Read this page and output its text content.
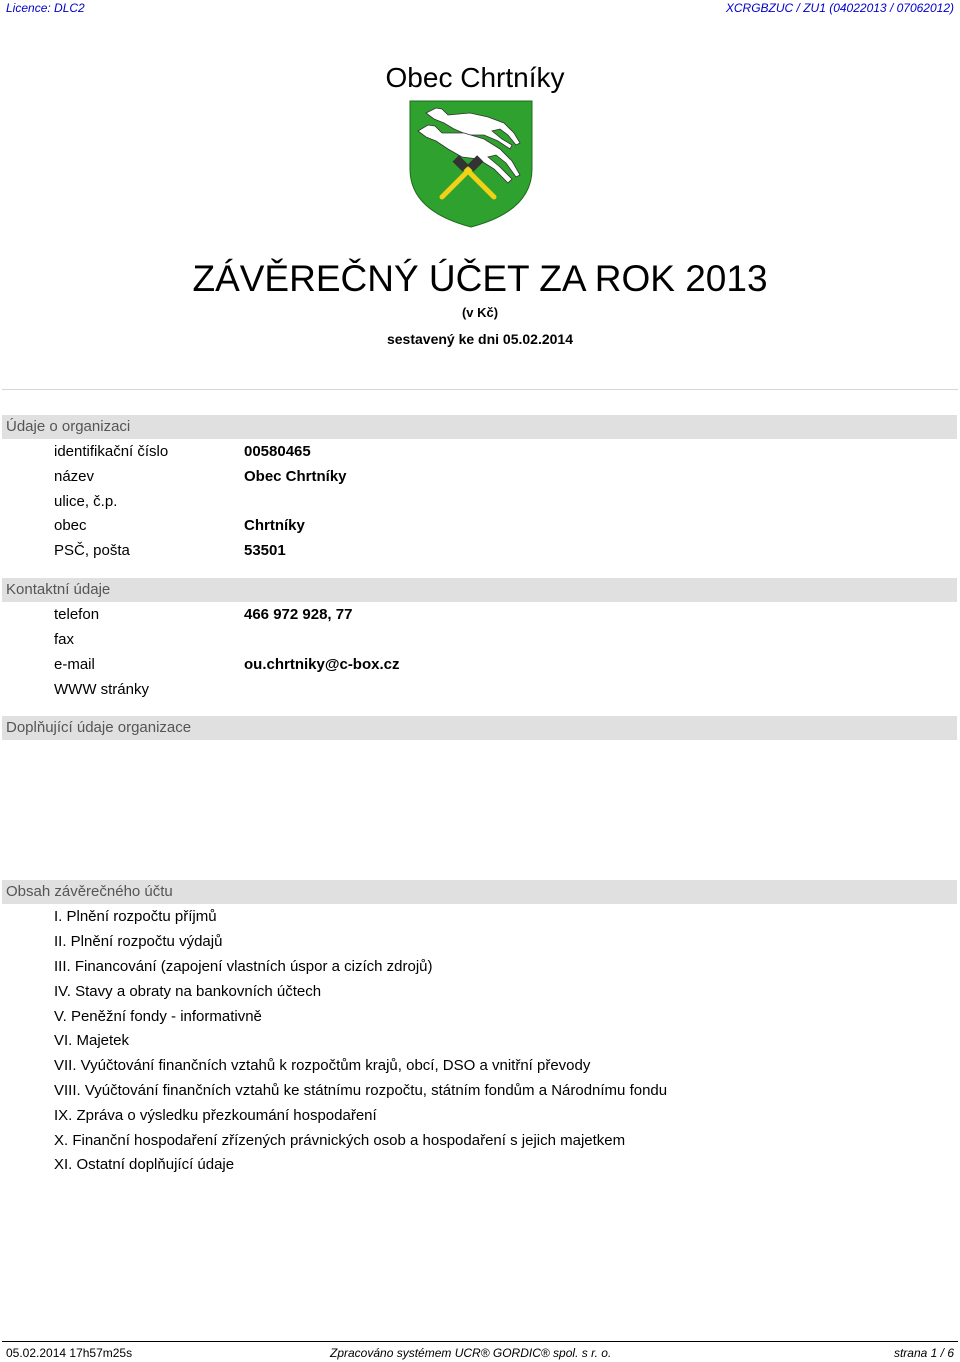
Licence: DLC2	XCRGBZUC / ZU1 (04022013 / 07062012)
Obec Chrtníky
ZÁVĚREČNÝ ÚČET ZA ROK 2013
(v Kč)
sestavený ke dni 05.02.2014
Údaje o organizaci
identifikační číslo	00580465
název	Obec Chrtníky
ulice, č.p.
obec	Chrtníky
PSČ, pošta	53501
Kontaktní údaje
telefon	466 972 928, 77
fax
e-mail	ou.chrtniky@c-box.cz
WWW stránky
Doplňující údaje organizace
Obsah závěrečného účtu
I. Plnění rozpočtu příjmů
II. Plnění rozpočtu výdajů
III. Financování (zapojení vlastních úspor a cizích zdrojů)
IV. Stavy a obraty na bankovních účtech
V. Peněžní fondy - informativně
VI. Majetek
VII. Vyúčtování finančních vztahů k rozpočtům krajů, obcí, DSO a vnitřní převody
VIII. Vyúčtování finančních vztahů ke státnímu rozpočtu, státním fondům a Národnímu fondu
IX. Zpráva o výsledku přezkoumání hospodaření
X. Finanční hospodaření zřízených právnických osob a hospodaření s jejich majetkem
XI. Ostatní doplňující údaje
05.02.2014 17h57m25s	Zpracováno systémem UCR® GORDIC® spol. s r. o.	strana 1 / 6
